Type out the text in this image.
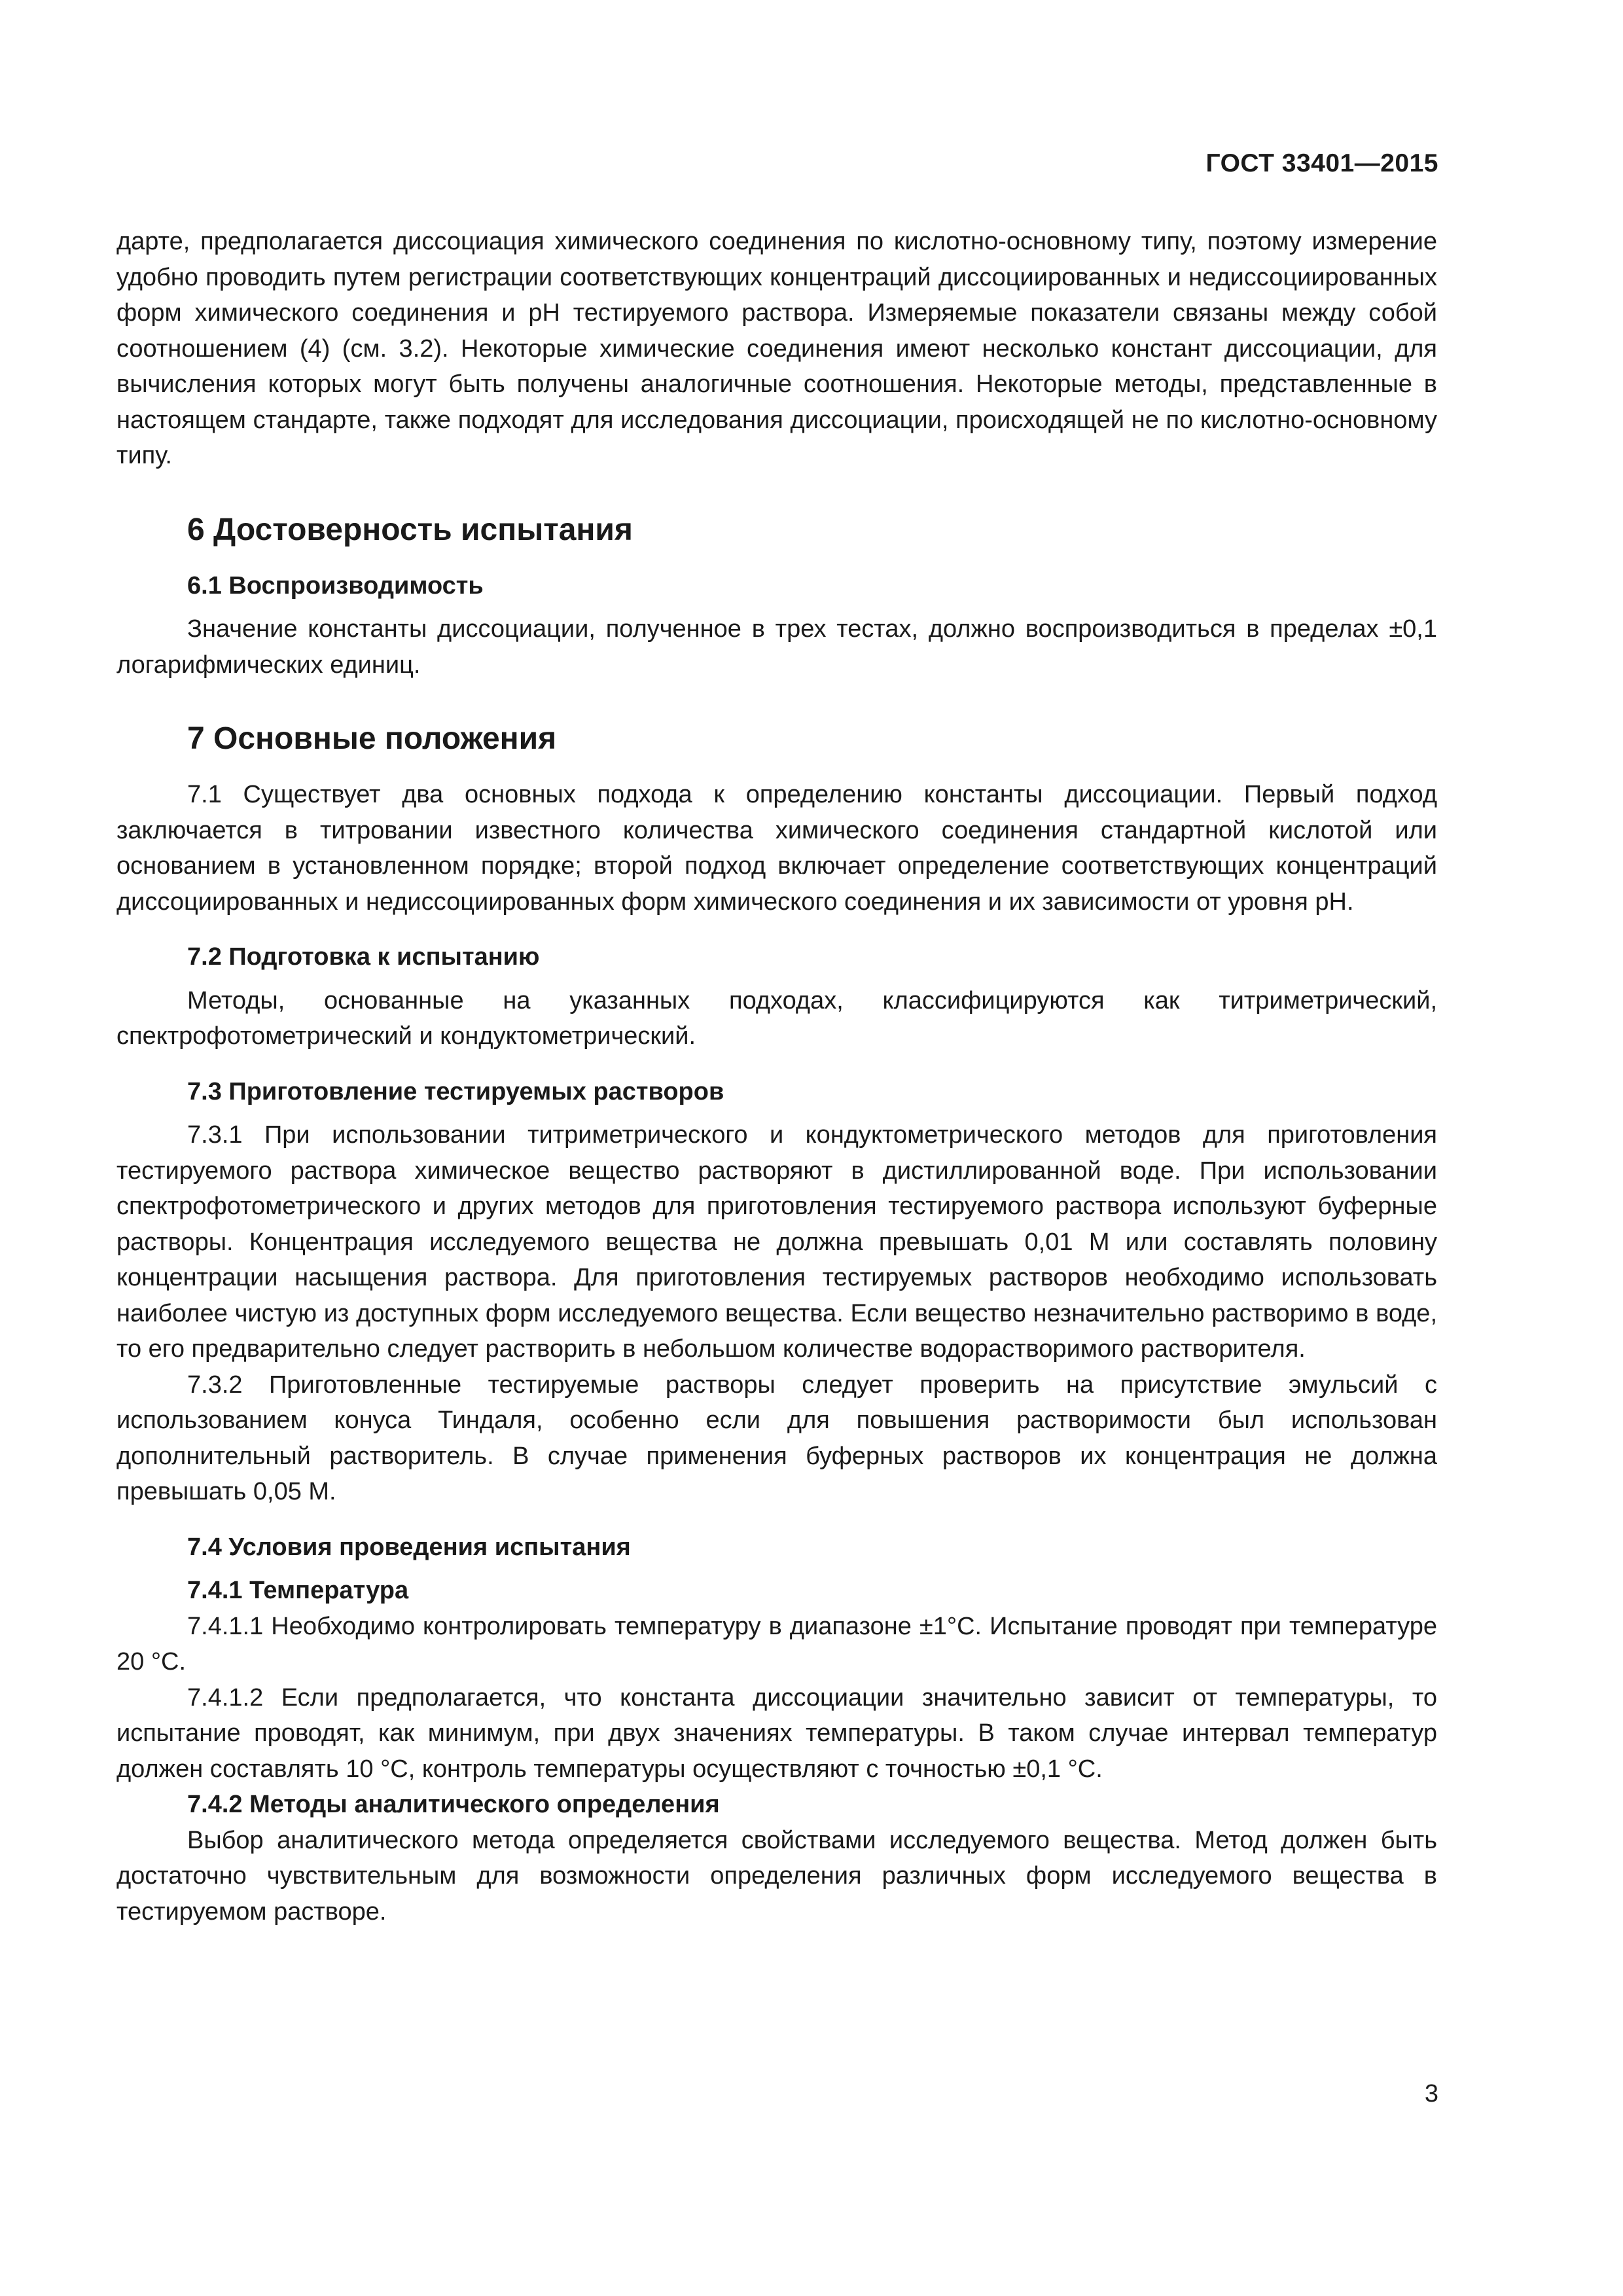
ГОСТ 33401—2015

дарте, предполагается диссоциация химического соединения по кислотно-основному типу, поэтому измерение удобно проводить путем регистрации соответствующих концентраций диссоциированных и недиссоциированных форм химического соединения и pH тестируемого раствора. Измеряемые показатели связаны между собой соотношением (4) (см. 3.2). Некоторые химические соединения имеют несколько констант диссоциации, для вычисления которых могут быть получены аналогичные соотношения. Некоторые методы, представленные в настоящем стандарте, также подходят для исследования диссоциации, происходящей не по кислотно-основному типу.

6 Достоверность испытания
6.1 Воспроизводимость

Значение константы диссоциации, полученное в трех тестах, должно воспроизводиться в пределах ±0,1 логарифмических единиц.

7 Основные положения

7.1 Существует два основных подхода к определению константы диссоциации. Первый подход заключается в титровании известного количества химического соединения стандартной кислотой или основанием в установленном порядке; второй подход включает определение соответствующих концентраций диссоциированных и недиссоциированных форм химического соединения и их зависимости от уровня pH.

7.2 Подготовка к испытанию

Методы, основанные на указанных подходах, классифицируются как титриметрический, спектрофотометрический и кондуктометрический.

7.3 Приготовление тестируемых растворов

7.3.1 При использовании титриметрического и кондуктометрического методов для приготовления тестируемого раствора химическое вещество растворяют в дистиллированной воде. При использовании спектрофотометрического и других методов для приготовления тестируемого раствора используют буферные растворы. Концентрация исследуемого вещества не должна превышать 0,01 М или составлять половину концентрации насыщения раствора. Для приготовления тестируемых растворов необходимо использовать наиболее чистую из доступных форм исследуемого вещества. Если вещество незначительно растворимо в воде, то его предварительно следует растворить в небольшом количестве водорастворимого растворителя.

7.3.2 Приготовленные тестируемые растворы следует проверить на присутствие эмульсий с использованием конуса Тиндаля, особенно если для повышения растворимости был использован дополнительный растворитель. В случае применения буферных растворов их концентрация не должна превышать 0,05 М.

7.4 Условия проведения испытания
7.4.1 Температура

7.4.1.1 Необходимо контролировать температуру в диапазоне ±1°С. Испытание проводят при температуре 20 °С.

7.4.1.2 Если предполагается, что константа диссоциации значительно зависит от температуры, то испытание проводят, как минимум, при двух значениях температуры. В таком случае интервал температур должен составлять 10 °С, контроль температуры осуществляют с точностью ±0,1 °С.

7.4.2 Методы аналитического определения

Выбор аналитического метода определяется свойствами исследуемого вещества. Метод должен быть достаточно чувствительным для возможности определения различных форм исследуемого вещества в тестируемом растворе.

3
